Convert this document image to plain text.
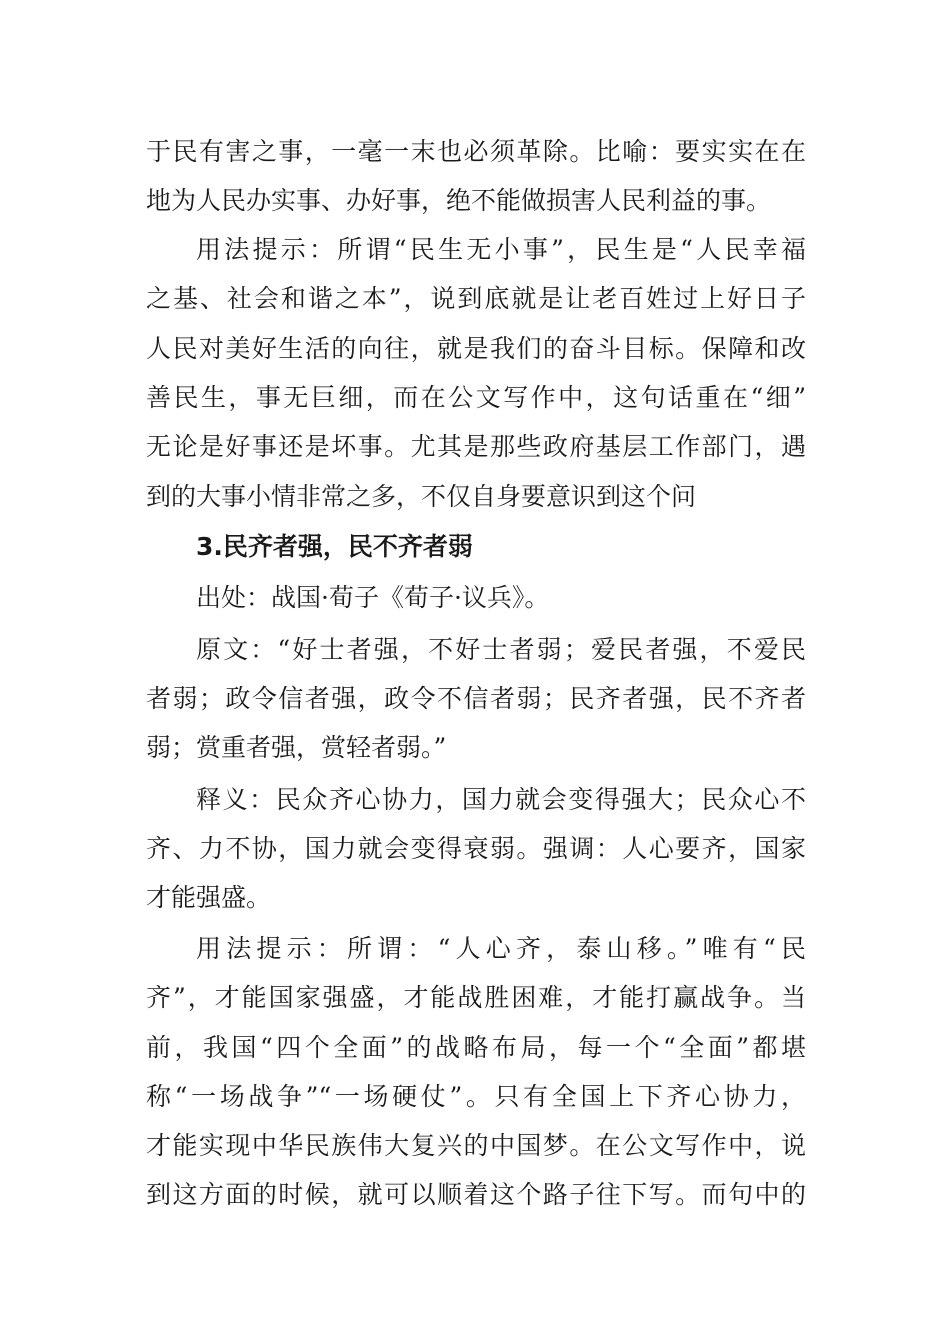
于民有害之事，一毫一末也必须革除。比喻：要实实在在
地为人民办实事、办好事，绝不能做损害人民利益的事。
用法提示：所谓“民生无小事”，民生是“人民幸福
之基、社会和谐之本”，说到底就是让老百姓过上好日子
人民对美好生活的向往，就是我们的奋斗目标。保障和改
善民生，事无巨细，而在公文写作中，这句话重在“细”
无论是好事还是坏事。尤其是那些政府基层工作部门，遇
到的大事小情非常之多，不仅自身要意识到这个问
3.民齐者强，民不齐者弱
出处：战国·荀子《荀子·议兵》。
原文：“好士者强，不好士者弱；爱民者强，不爱民
者弱；政令信者强，政令不信者弱；民齐者强，民不齐者
弱；赏重者强，赏轻者弱。”
释义：民众齐心协力，国力就会变得强大；民众心不
齐、力不协，国力就会变得衰弱。强调：人心要齐，国家
才能强盛。
用法提示：所谓：“人心齐，泰山移。”唯有“民
齐”，才能国家强盛，才能战胜困难，才能打赢战争。当
前，我国“四个全面”的战略布局，每一个“全面”都堪
称“一场战争”“一场硬仗”。只有全国上下齐心协力，
才能实现中华民族伟大复兴的中国梦。在公文写作中，说
到这方面的时候，就可以顺着这个路子往下写。而句中的
